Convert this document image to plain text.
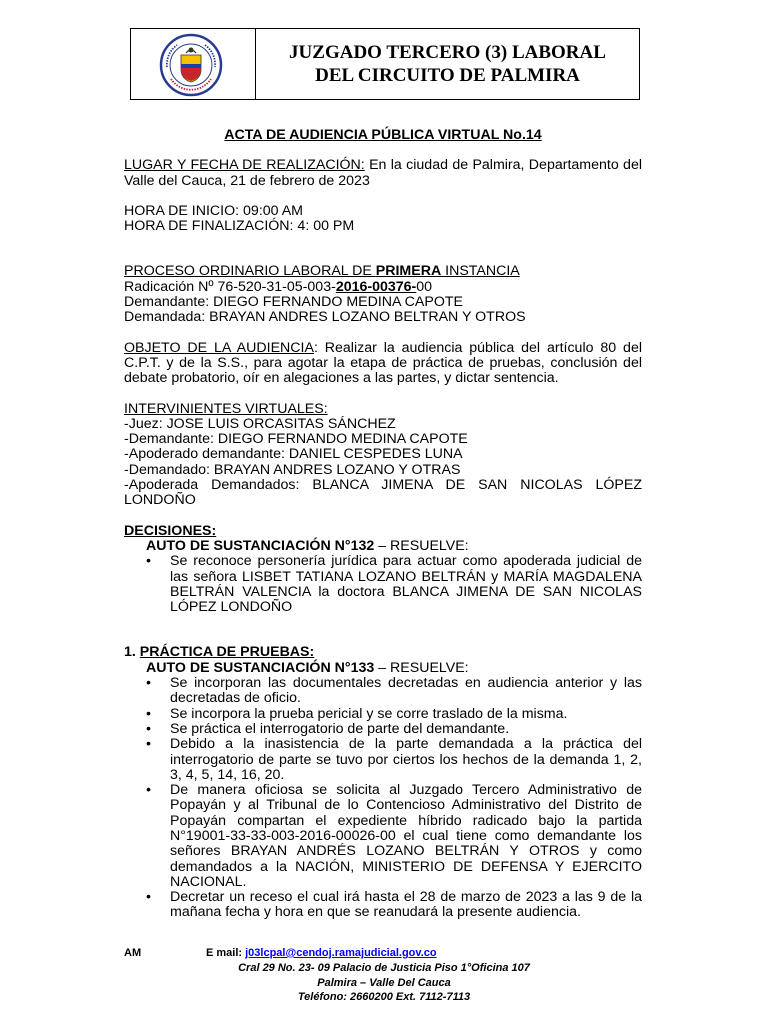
JUZGADO TERCERO (3) LABORAL
DEL CIRCUITO DE PALMIRA

ACTA DE AUDIENCIA PÚBLICA VIRTUAL No.14

LUGAR Y FECHA DE REALIZACIÓN: En la ciudad de Palmira, Departamento del Valle del Cauca, 21 de febrero de 2023

HORA DE INICIO: 09:00 AM

HORA DE FINALIZACIÓN: 4: 00 PM

PROCESO ORDINARIO LABORAL DE PRIMERA INSTANCIA

Radicación Nº 76-520-31-05-003-2016-00376-00

Demandante: DIEGO FERNANDO MEDINA CAPOTE

Demandada: BRAYAN ANDRES LOZANO BELTRAN Y OTROS

OBJETO DE LA AUDIENCIA: Realizar la audiencia pública del artículo 80 del C.P.T. y de la S.S., para agotar la etapa de práctica de pruebas, conclusión del debate probatorio, oír en alegaciones a las partes, y dictar sentencia.

INTERVINIENTES VIRTUALES:

-Juez: JOSE LUIS ORCASITAS SÁNCHEZ

-Demandante: DIEGO FERNANDO MEDINA CAPOTE

-Apoderado demandante: DANIEL CESPEDES LUNA

-Demandado: BRAYAN ANDRES LOZANO Y OTRAS

-Apoderada Demandados: BLANCA JIMENA DE SAN NICOLAS LÓPEZ LONDOÑO

DECISIONES:

AUTO DE SUSTANCIACIÓN N°132 – RESUELVE:

• Se reconoce personería jurídica para actuar como apoderada judicial de las señora LISBET TATIANA LOZANO BELTRÁN y MARÍA MAGDALENA BELTRÁN VALENCIA la doctora BLANCA JIMENA DE SAN NICOLAS LÓPEZ LONDOÑO

1. PRÁCTICA DE PRUEBAS:

AUTO DE SUSTANCIACIÓN N°133 – RESUELVE:

• Se incorporan las documentales decretadas en audiencia anterior y las decretadas de oficio.
• Se incorpora la prueba pericial y se corre traslado de la misma.
• Se práctica el interrogatorio de parte del demandante.
• Debido a la inasistencia de la parte demandada a la práctica del interrogatorio de parte se tuvo por ciertos los hechos de la demanda 1, 2, 3, 4, 5, 14, 16, 20.
• De manera oficiosa se solicita al Juzgado Tercero Administrativo de Popayán y al Tribunal de lo Contencioso Administrativo del Distrito de Popayán compartan el expediente híbrido radicado bajo la partida N°19001-33-33-003-2016-00026-00 el cual tiene como demandante los señores BRAYAN ANDRÉS LOZANO BELTRÁN Y OTROS y como demandados a la NACIÓN, MINISTERIO DE DEFENSA Y EJERCITO NACIONAL.
• Decretar un receso el cual irá hasta el 28 de marzo de 2023 a las 9 de la mañana fecha y hora en que se reanudará la presente audiencia.
AM	E mail: j03lcpal@cendoj.ramajudicial.gov.co
Cral 29 No. 23- 09 Palacio de Justicia Piso 1°Oficina 107
Palmira – Valle Del Cauca
Teléfono: 2660200 Ext. 7112-7113
